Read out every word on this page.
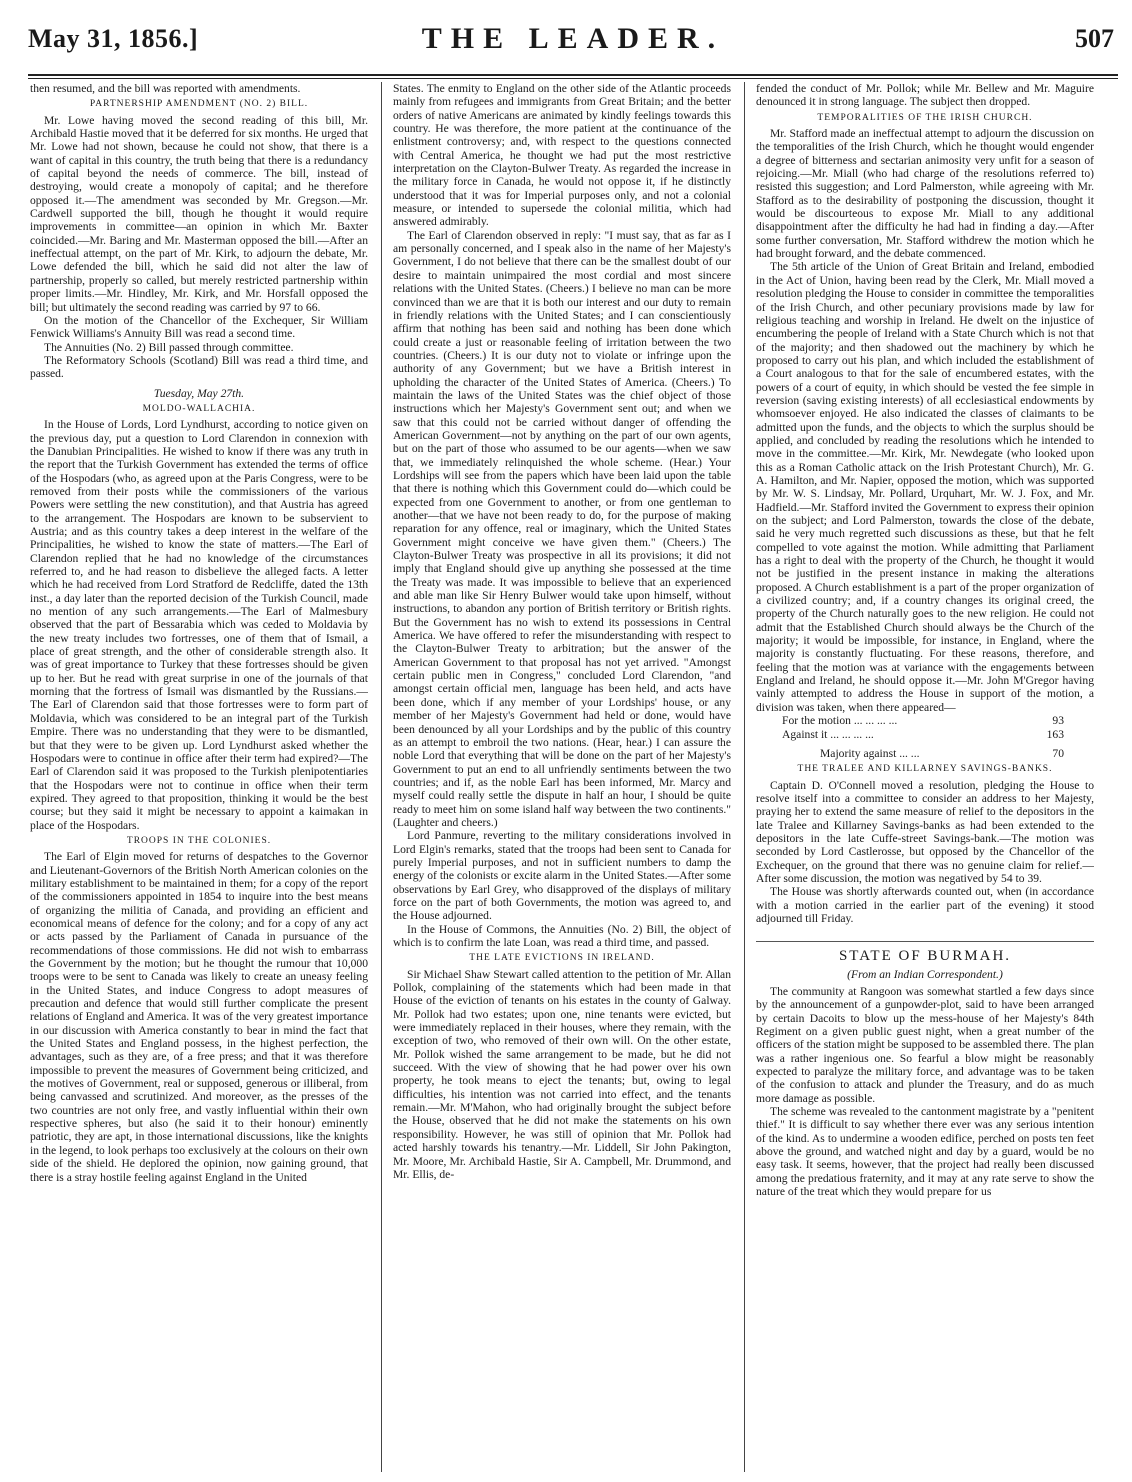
May 31, 1856.]	THE LEADER.	507

then resumed, and the bill was reported with amendments.

PARTNERSHIP AMENDMENT (NO. 2) BILL.

Mr. Lowe having moved the second reading of this bill, Mr. Archibald Hastie moved that it be deferred for six months. He urged that Mr. Lowe had not shown, because he could not show, that there is a want of capital in this country, the truth being that there is a redundancy of capital beyond the needs of commerce. The bill, instead of destroying, would create a monopoly of capital; and he therefore opposed it.—The amendment was seconded by Mr. Gregson.—Mr. Cardwell supported the bill, though he thought it would require improvements in committee—an opinion in which Mr. Baxter coincided.—Mr. Baring and Mr. Masterman opposed the bill.—After an ineffectual attempt, on the part of Mr. Kirk, to adjourn the debate, Mr. Lowe defended the bill, which he said did not alter the law of partnership, properly so called, but merely restricted partnership within proper limits.—Mr. Hindley, Mr. Kirk, and Mr. Horsfall opposed the bill; but ultimately the second reading was carried by 97 to 66.

On the motion of the Chancellor of the Exchequer, Sir William Fenwick Williams's Annuity Bill was read a second time.

The Annuities (No. 2) Bill passed through committee.

The Reformatory Schools (Scotland) Bill was read a third time, and passed.

Tuesday, May 27th.
MOLDO-WALLACHIA.

In the House of Lords, Lord Lyndhurst, according to notice given on the previous day, put a question to Lord Clarendon in connexion with the Danubian Principalities. He wished to know if there was any truth in the report that the Turkish Government has extended the terms of office of the Hospodars (who, as agreed upon at the Paris Congress, were to be removed from their posts while the commissioners of the various Powers were settling the new constitution), and that Austria has agreed to the arrangement. The Hospodars are known to be subservient to Austria; and as this country takes a deep interest in the welfare of the Principalities, he wished to know the state of matters.—The Earl of Clarendon replied that he had no knowledge of the circumstances referred to, and he had reason to disbelieve the alleged facts. A letter which he had received from Lord Stratford de Redcliffe, dated the 13th inst., a day later than the reported decision of the Turkish Council, made no mention of any such arrangements.—The Earl of Malmesbury observed that the part of Bessarabia which was ceded to Moldavia by the new treaty includes two fortresses, one of them that of Ismail, a place of great strength, and the other of considerable strength also. It was of great importance to Turkey that these fortresses should be given up to her. But he read with great surprise in one of the journals of that morning that the fortress of Ismail was dismantled by the Russians.—The Earl of Clarendon said that those fortresses were to form part of Moldavia, which was considered to be an integral part of the Turkish Empire. There was no understanding that they were to be dismantled, but that they were to be given up. Lord Lyndhurst asked whether the Hospodars were to continue in office after their term had expired?—The Earl of Clarendon said it was proposed to the Turkish plenipotentiaries that the Hospodars were not to continue in office when their term expired. They agreed to that proposition, thinking it would be the best course; but they said it might be necessary to appoint a kaimakan in place of the Hospodars.

TROOPS IN THE COLONIES.

The Earl of Elgin moved for returns of despatches to the Governor and Lieutenant-Governors of the British North American colonies on the military establishment to be maintained in them; for a copy of the report of the commissioners appointed in 1854 to inquire into the best means of organizing the militia of Canada, and providing an efficient and economical means of defence for the colony; and for a copy of any act or acts passed by the Parliament of Canada in pursuance of the recommendations of those commissions. He did not wish to embarrass the Government by the motion; but he thought the rumour that 10,000 troops were to be sent to Canada was likely to create an uneasy feeling in the United States, and induce Congress to adopt measures of precaution and defence that would still further complicate the present relations of England and America. It was of the very greatest importance in our discussion with America constantly to bear in mind the fact that the United States and England possess, in the highest perfection, the advantages, such as they are, of a free press; and that it was therefore impossible to prevent the measures of Government being criticized, and the motives of Government, real or supposed, generous or illiberal, from being canvassed and scrutinized. And moreover, as the presses of the two countries are not only free, and vastly influential within their own respective spheres, but also (he said it to their honour) eminently patriotic, they are apt, in those international discussions, like the knights in the legend, to look perhaps too exclusively at the colours on their own side of the shield. He deplored the opinion, now gaining ground, that there is a stray hostile feeling against England in the United

States. The enmity to England on the other side of the Atlantic proceeds mainly from refugees and immigrants from Great Britain; and the better orders of native Americans are animated by kindly feelings towards this country. He was therefore, the more patient at the continuance of the enlistment controversy; and, with respect to the questions connected with Central America, he thought we had put the most restrictive interpretation on the Clayton-Bulwer Treaty. As regarded the increase in the military force in Canada, he would not oppose it, if he distinctly understood that it was for Imperial purposes only, and not a colonial measure, or intended to supersede the colonial militia, which had answered admirably.

The Earl of Clarendon observed in reply: "I must say, that as far as I am personally concerned, and I speak also in the name of her Majesty's Government, I do not believe that there can be the smallest doubt of our desire to maintain unimpaired the most cordial and most sincere relations with the United States. (Cheers.) I believe no man can be more convinced than we are that it is both our interest and our duty to remain in friendly relations with the United States; and I can conscientiously affirm that nothing has been said and nothing has been done which could create a just or reasonable feeling of irritation between the two countries. (Cheers.) It is our duty not to violate or infringe upon the authority of any Government; but we have a British interest in upholding the character of the United States of America. (Cheers.) To maintain the laws of the United States was the chief object of those instructions which her Majesty's Government sent out; and when we saw that this could not be carried without danger of offending the American Government—not by anything on the part of our own agents, but on the part of those who assumed to be our agents—when we saw that, we immediately relinquished the whole scheme. (Hear.) Your Lordships will see from the papers which have been laid upon the table that there is nothing which this Government could do—which could be expected from one Government to another, or from one gentleman to another—that we have not been ready to do, for the purpose of making reparation for any offence, real or imaginary, which the United States Government might conceive we have given them." (Cheers.) The Clayton-Bulwer Treaty was prospective in all its provisions; it did not imply that England should give up anything she possessed at the time the Treaty was made. It was impossible to believe that an experienced and able man like Sir Henry Bulwer would take upon himself, without instructions, to abandon any portion of British territory or British rights. But the Government has no wish to extend its possessions in Central America. We have offered to refer the misunderstanding with respect to the Clayton-Bulwer Treaty to arbitration; but the answer of the American Government to that proposal has not yet arrived. "Amongst certain public men in Congress," concluded Lord Clarendon, "and amongst certain official men, language has been held, and acts have been done, which if any member of your Lordships' house, or any member of her Majesty's Government had held or done, would have been denounced by all your Lordships and by the public of this country as an attempt to embroil the two nations. (Hear, hear.) I can assure the noble Lord that everything that will be done on the part of her Majesty's Government to put an end to all unfriendly sentiments between the two countries; and if, as the noble Earl has been informed, Mr. Marcy and myself could really settle the dispute in half an hour, I should be quite ready to meet him on some island half way between the two continents." (Laughter and cheers.)

Lord Panmure, reverting to the military considerations involved in Lord Elgin's remarks, stated that the troops had been sent to Canada for purely Imperial purposes, and not in sufficient numbers to damp the energy of the colonists or excite alarm in the United States.—After some observations by Earl Grey, who disapproved of the displays of military force on the part of both Governments, the motion was agreed to, and the House adjourned.

In the House of Commons, the Annuities (No. 2) Bill, the object of which is to confirm the late Loan, was read a third time, and passed.

THE LATE EVICTIONS IN IRELAND.

Sir Michael Shaw Stewart called attention to the petition of Mr. Allan Pollok, complaining of the statements which had been made in that House of the eviction of tenants on his estates in the county of Galway. Mr. Pollok had two estates; upon one, nine tenants were evicted, but were immediately replaced in their houses, where they remain, with the exception of two, who removed of their own will. On the other estate, Mr. Pollok wished the same arrangement to be made, but he did not succeed. With the view of showing that he had power over his own property, he took means to eject the tenants; but, owing to legal difficulties, his intention was not carried into effect, and the tenants remain.—Mr. M'Mahon, who had originally brought the subject before the House, observed that he did not make the statements on his own responsibility. However, he was still of opinion that Mr. Pollok had acted harshly towards his tenantry.—Mr. Liddell, Sir John Pakington, Mr. Moore, Mr. Archibald Hastie, Sir A. Campbell, Mr. Drummond, and Mr. Ellis, de-

fended the conduct of Mr. Pollok; while Mr. Bellew and Mr. Maguire denounced it in strong language. The subject then dropped.

TEMPORALITIES OF THE IRISH CHURCH.

Mr. Stafford made an ineffectual attempt to adjourn the discussion on the temporalities of the Irish Church, which he thought would engender a degree of bitterness and sectarian animosity very unfit for a season of rejoicing.—Mr. Miall (who had charge of the resolutions referred to) resisted this suggestion; and Lord Palmerston, while agreeing with Mr. Stafford as to the desirability of postponing the discussion, thought it would be discourteous to expose Mr. Miall to any additional disappointment after the difficulty he had had in finding a day.—After some further conversation, Mr. Stafford withdrew the motion which he had brought forward, and the debate commenced.

The 5th article of the Union of Great Britain and Ireland, embodied in the Act of Union, having been read by the Clerk, Mr. Miall moved a resolution pledging the House to consider in committee the temporalities of the Irish Church, and other pecuniary provisions made by law for religious teaching and worship in Ireland. He dwelt on the injustice of encumbering the people of Ireland with a State Church which is not that of the majority; and then shadowed out the machinery by which he proposed to carry out his plan, and which included the establishment of a Court analogous to that for the sale of encumbered estates, with the powers of a court of equity, in which should be vested the fee simple in reversion (saving existing interests) of all ecclesiastical endowments by whomsoever enjoyed. He also indicated the classes of claimants to be admitted upon the funds, and the objects to which the surplus should be applied, and concluded by reading the resolutions which he intended to move in the committee.—Mr. Kirk, Mr. Newdegate (who looked upon this as a Roman Catholic attack on the Irish Protestant Church), Mr. G. A. Hamilton, and Mr. Napier, opposed the motion, which was supported by Mr. W. S. Lindsay, Mr. Pollard, Urquhart, Mr. W. J. Fox, and Mr. Hadfield.—Mr. Stafford invited the Government to express their opinion on the subject; and Lord Palmerston, towards the close of the debate, said he very much regretted such discussions as these, but that he felt compelled to vote against the motion. While admitting that Parliament has a right to deal with the property of the Church, he thought it would not be justified in the present instance in making the alterations proposed. A Church establishment is a part of the proper organization of a civilized country; and, if a country changes its original creed, the property of the Church naturally goes to the new religion. He could not admit that the Established Church should always be the Church of the majority; it would be impossible, for instance, in England, where the majority is constantly fluctuating. For these reasons, therefore, and feeling that the motion was at variance with the engagements between England and Ireland, he should oppose it.—Mr. John M'Gregor having vainly attempted to address the House in support of the motion, a division was taken, when there appeared—

For the motion ... ... ... ...	93
Against it ... ... ... ...	163
Majority against ... ...	70
THE TRALEE AND KILLARNEY SAVINGS-BANKS.

Captain D. O'Connell moved a resolution, pledging the House to resolve itself into a committee to consider an address to her Majesty, praying her to extend the same measure of relief to the depositors in the late Tralee and Killarney Savings-banks as had been extended to the depositors in the late Cuffe-street Savings-bank.—The motion was seconded by Lord Castlerosse, but opposed by the Chancellor of the Exchequer, on the ground that there was no genuine claim for relief.—After some discussion, the motion was negatived by 54 to 39.

The House was shortly afterwards counted out, when (in accordance with a motion carried in the earlier part of the evening) it stood adjourned till Friday.

STATE OF BURMAH.
(From an Indian Correspondent.)

The community at Rangoon was somewhat startled a few days since by the announcement of a gunpowder-plot, said to have been arranged by certain Dacoits to blow up the mess-house of her Majesty's 84th Regiment on a given public guest night, when a great number of the officers of the station might be supposed to be assembled there. The plan was a rather ingenious one. So fearful a blow might be reasonably expected to paralyze the military force, and advantage was to be taken of the confusion to attack and plunder the Treasury, and do as much more damage as possible.

The scheme was revealed to the cantonment magistrate by a "penitent thief." It is difficult to say whether there ever was any serious intention of the kind. As to undermine a wooden edifice, perched on posts ten feet above the ground, and watched night and day by a guard, would be no easy task. It seems, however, that the project had really been discussed among the predatious fraternity, and it may at any rate serve to show the nature of the treat which they would prepare for us
